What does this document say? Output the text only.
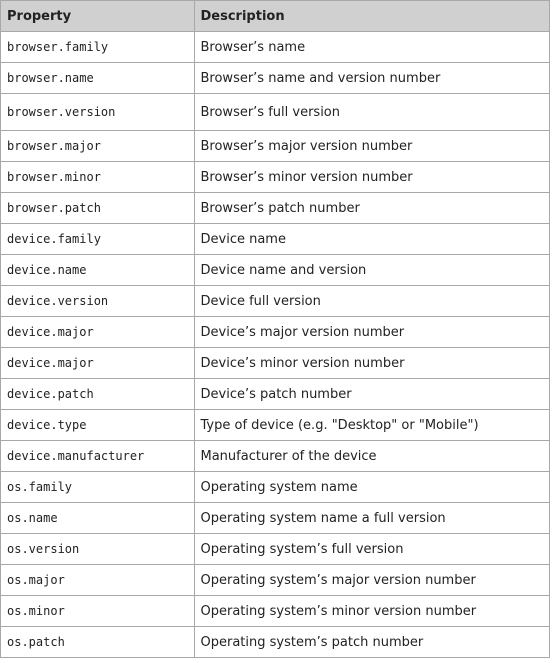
Property	Description
browser.family	Browser’s name
browser.name	Browser’s name and version number
browser.version	Browser’s full version
browser.major	Browser’s major version number
browser.minor	Browser’s minor version number
browser.patch	Browser’s patch number
device.family	Device name
device.name	Device name and version
device.version	Device full version
device.major	Device’s major version number
device.major	Device’s minor version number
device.patch	Device’s patch number
device.type	Type of device (e.g. "Desktop" or "Mobile")
device.manufacturer	Manufacturer of the device
os.family	Operating system name
os.name	Operating system name a full version
os.version	Operating system’s full version
os.major	Operating system’s major version number
os.minor	Operating system’s minor version number
os.patch	Operating system’s patch number
